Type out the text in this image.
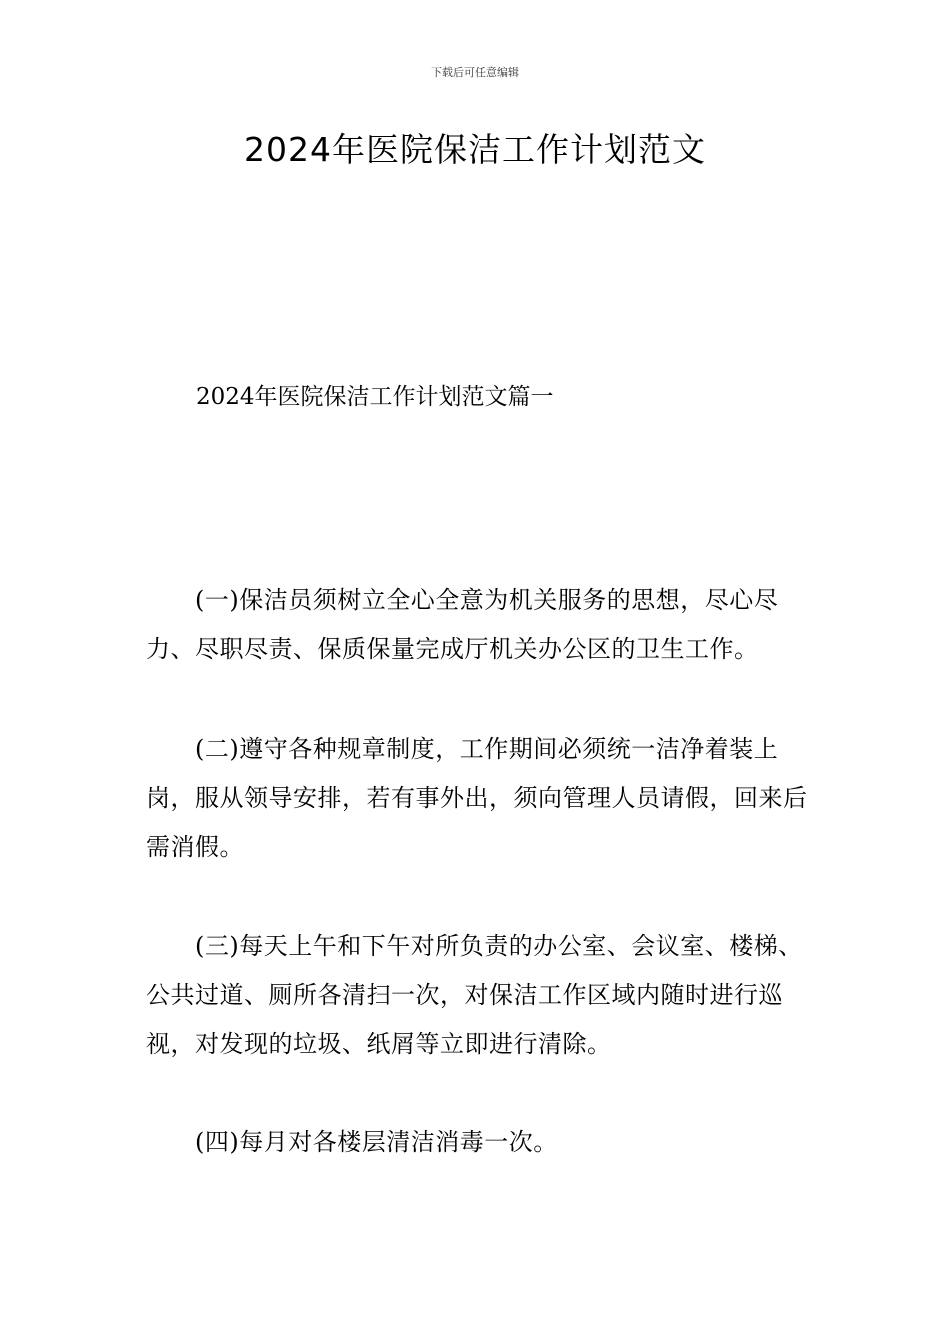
下载后可任意编辑
2024年医院保洁工作计划范文
2024年医院保洁工作计划范文篇一

(一)保洁员须树立全心全意为机关服务的思想，尽心尽力、尽职尽责、保质保量完成厅机关办公区的卫生工作。

(二)遵守各种规章制度，工作期间必须统一洁净着装上岗，服从领导安排，若有事外出，须向管理人员请假，回来后需消假。

(三)每天上午和下午对所负责的办公室、会议室、楼梯、公共过道、厕所各清扫一次，对保洁工作区域内随时进行巡视，对发现的垃圾、纸屑等立即进行清除。

(四)每月对各楼层清洁消毒一次。
